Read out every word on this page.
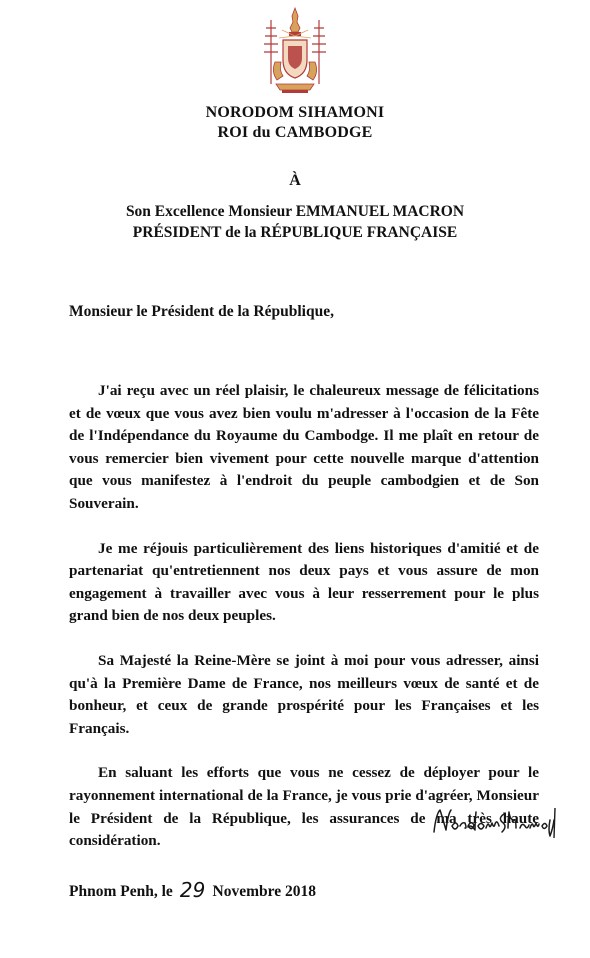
NORODOM SIHAMONI
ROI du CAMBODGE
À
Son Excellence Monsieur EMMANUEL MACRON
PRÉSIDENT de la RÉPUBLIQUE FRANÇAISE
Monsieur le Président de la République,

J'ai reçu avec un réel plaisir, le chaleureux message de félicitations et de vœux que vous avez bien voulu m'adresser à l'occasion de la Fête de l'Indépendance du Royaume du Cambodge. Il me plaît en retour de vous remercier bien vivement pour cette nouvelle marque d'attention que vous manifestez à l'endroit du peuple cambodgien et de Son Souverain.

Je me réjouis particulièrement des liens historiques d'amitié et de partenariat qu'entretiennent nos deux pays et vous assure de mon engagement à travailler avec vous à leur resserrement pour le plus grand bien de nos deux peuples.

Sa Majesté la Reine-Mère se joint à moi pour vous adresser, ainsi qu'à la Première Dame de France, nos meilleurs vœux de santé et de bonheur, et ceux de grande prospérité pour les Françaises et les Français.

En saluant les efforts que vous ne cessez de déployer pour le rayonnement international de la France, je vous prie d'agréer, Monsieur le Président de la République, les assurances de ma très haute considération.

Phnom Penh, le 29 Novembre 2018
